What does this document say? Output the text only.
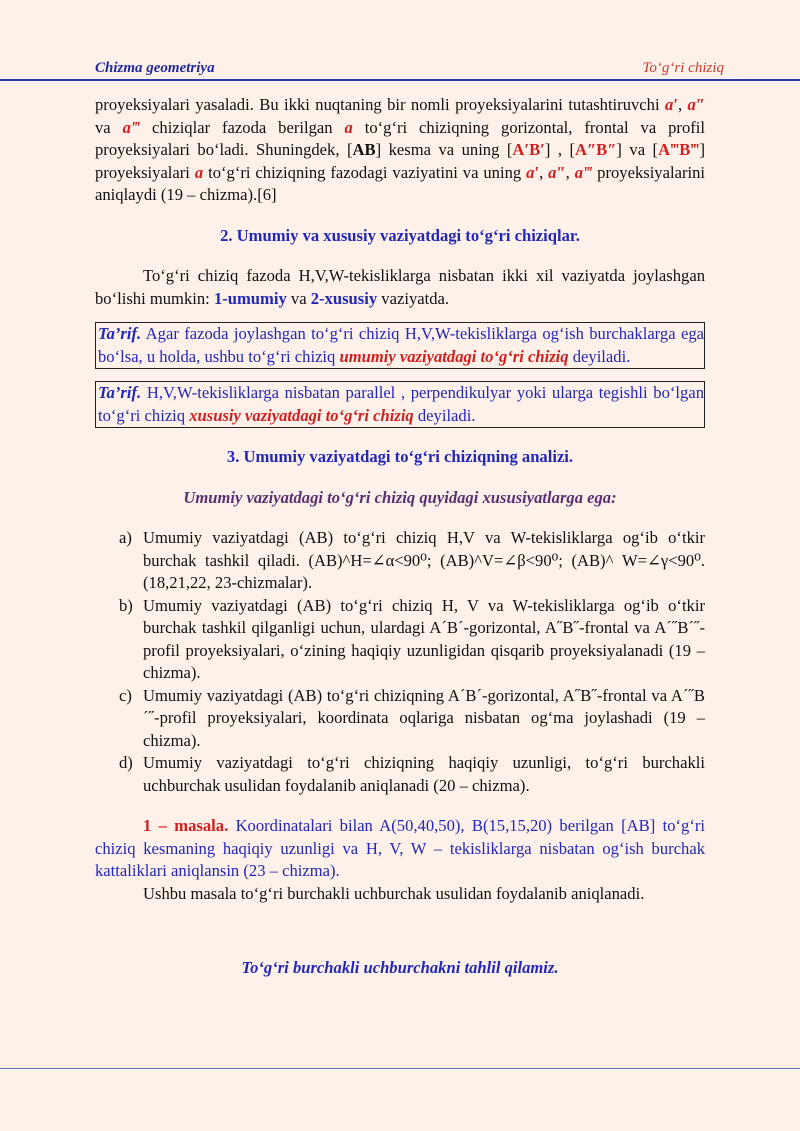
Chizma geometriya	To‘g‘ri chiziq

proyeksiyalari yasaladi. Bu ikki nuqtaning bir nomli proyeksiyalarini tutashtiruvchi a′, a″ va a‴ chiziqlar fazoda berilgan a to‘g‘ri chiziqning gorizontal, frontal va profil proyeksiyalari bo‘ladi. Shuningdek, [AB] kesma va uning [A′B′] , [A″B″] va [A‴B‴] proyeksiyalari a to‘g‘ri chiziqning fazodagi vaziyatini va uning a′, a″, a‴ proyeksiyalarini aniqlaydi (19 – chizma).[6]

2. Umumiy va xususiy vaziyatdagi to‘g‘ri chiziqlar.

To‘g‘ri chiziq fazoda H,V,W-tekisliklarga nisbatan ikki xil vaziyatda joylashgan bo‘lishi mumkin: 1-umumiy va 2-xususiy vaziyatda.

Ta’rif. Agar fazoda joylashgan to‘g‘ri chiziq H,V,W-tekisliklarga og‘ish burchaklarga ega bo‘lsa, u holda, ushbu to‘g‘ri chiziq umumiy vaziyatdagi to‘g‘ri chiziq deyiladi.
Ta’rif. H,V,W-tekisliklarga nisbatan parallel , perpendikulyar yoki ularga tegishli bo‘lgan to‘g‘ri chiziq xususiy vaziyatdagi to‘g‘ri chiziq deyiladi.
3. Umumiy vaziyatdagi to‘g‘ri chiziqning analizi.
Umumiy vaziyatdagi to‘g‘ri chiziq quyidagi xususiyatlarga ega:
a) Umumiy vaziyatdagi (AB) to‘g‘ri chiziq H,V va W-tekisliklarga og‘ib o‘tkir burchak tashkil qiladi. (AB)^H=∠α<90⁰; (AB)^V=∠β<90⁰; (AB)^ W=∠γ<90⁰. (18,21,22, 23-chizmalar).
b) Umumiy vaziyatdagi (AB) to‘g‘ri chiziq H, V va W-tekisliklarga og‘ib o‘tkir burchak tashkil qilganligi uchun, ulardagi A´B´-gorizontal, A˝B˝-frontal va A´˝B´˝-profil proyeksiyalari, o‘zining haqiqiy uzunligidan qisqarib proyeksiyalanadi (19 – chizma).
c) Umumiy vaziyatdagi (AB) to‘g‘ri chiziqning A´B´-gorizontal, A˝B˝-frontal va A´˝B´˝-profil proyeksiyalari, koordinata oqlariga nisbatan og‘ma joylashadi (19 – chizma).
d) Umumiy vaziyatdagi to‘g‘ri chiziqning haqiqiy uzunligi, to‘g‘ri burchakli uchburchak usulidan foydalanib aniqlanadi (20 – chizma).

1 – masala. Koordinatalari bilan A(50,40,50), B(15,15,20) berilgan [AB] to‘g‘ri chiziq kesmaning haqiqiy uzunligi va H, V, W – tekisliklarga nisbatan og‘ish burchak kattaliklari aniqlansin (23 – chizma).

Ushbu masala to‘g‘ri burchakli uchburchak usulidan foydalanib aniqlanadi.

To‘g‘ri burchakli uchburchakni tahlil qilamiz.
